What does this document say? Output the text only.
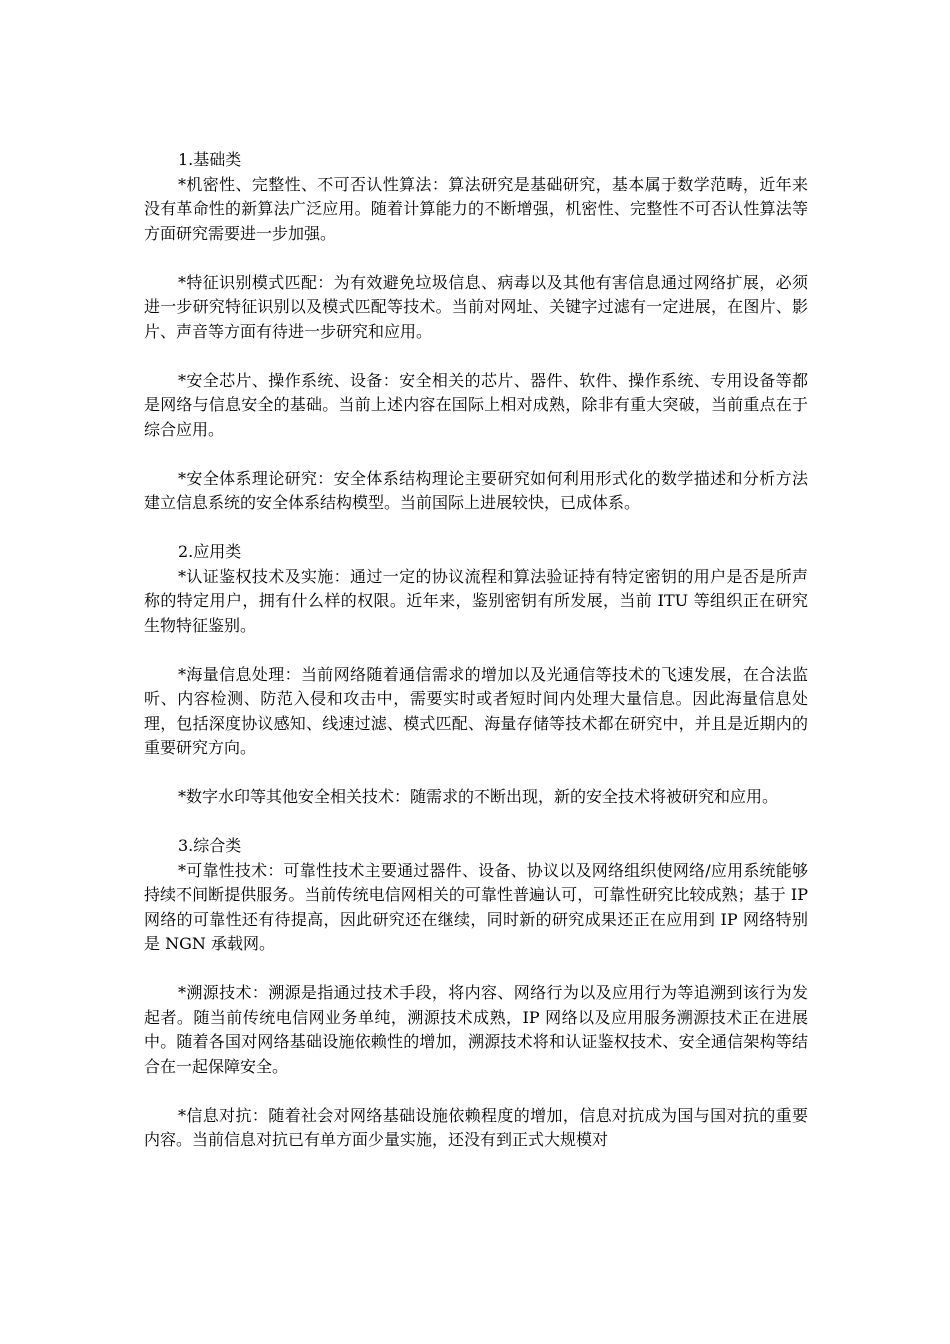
1.基础类

*机密性、完整性、不可否认性算法：算法研究是基础研究，基本属于数学范畴，近年来没有革命性的新算法广泛应用。随着计算能力的不断增强，机密性、完整性不可否认性算法等方面研究需要进一步加强。

*特征识别模式匹配：为有效避免垃圾信息、病毒以及其他有害信息通过网络扩展，必须进一步研究特征识别以及模式匹配等技术。当前对网址、关键字过滤有一定进展，在图片、影片、声音等方面有待进一步研究和应用。

*安全芯片、操作系统、设备：安全相关的芯片、器件、软件、操作系统、专用设备等都是网络与信息安全的基础。当前上述内容在国际上相对成熟，除非有重大突破，当前重点在于综合应用。

*安全体系理论研究：安全体系结构理论主要研究如何利用形式化的数学描述和分析方法建立信息系统的安全体系结构模型。当前国际上进展较快，已成体系。

2.应用类

*认证鉴权技术及实施：通过一定的协议流程和算法验证持有特定密钥的用户是否是所声称的特定用户，拥有什么样的权限。近年来，鉴别密钥有所发展，当前 ITU 等组织正在研究生物特征鉴别。

*海量信息处理：当前网络随着通信需求的增加以及光通信等技术的飞速发展，在合法监听、内容检测、防范入侵和攻击中，需要实时或者短时间内处理大量信息。因此海量信息处理，包括深度协议感知、线速过滤、模式匹配、海量存储等技术都在研究中，并且是近期内的重要研究方向。

*数字水印等其他安全相关技术：随需求的不断出现，新的安全技术将被研究和应用。

3.综合类

*可靠性技术：可靠性技术主要通过器件、设备、协议以及网络组织使网络/应用系统能够持续不间断提供服务。当前传统电信网相关的可靠性普遍认可，可靠性研究比较成熟；基于 IP 网络的可靠性还有待提高，因此研究还在继续，同时新的研究成果还正在应用到 IP 网络特别是 NGN 承载网。

*溯源技术：溯源是指通过技术手段，将内容、网络行为以及应用行为等追溯到该行为发起者。随当前传统电信网业务单纯，溯源技术成熟，IP 网络以及应用服务溯源技术正在进展中。随着各国对网络基础设施依赖性的增加，溯源技术将和认证鉴权技术、安全通信架构等结合在一起保障安全。

*信息对抗：随着社会对网络基础设施依赖程度的增加，信息对抗成为国与国对抗的重要内容。当前信息对抗已有单方面少量实施，还没有到正式大规模对
